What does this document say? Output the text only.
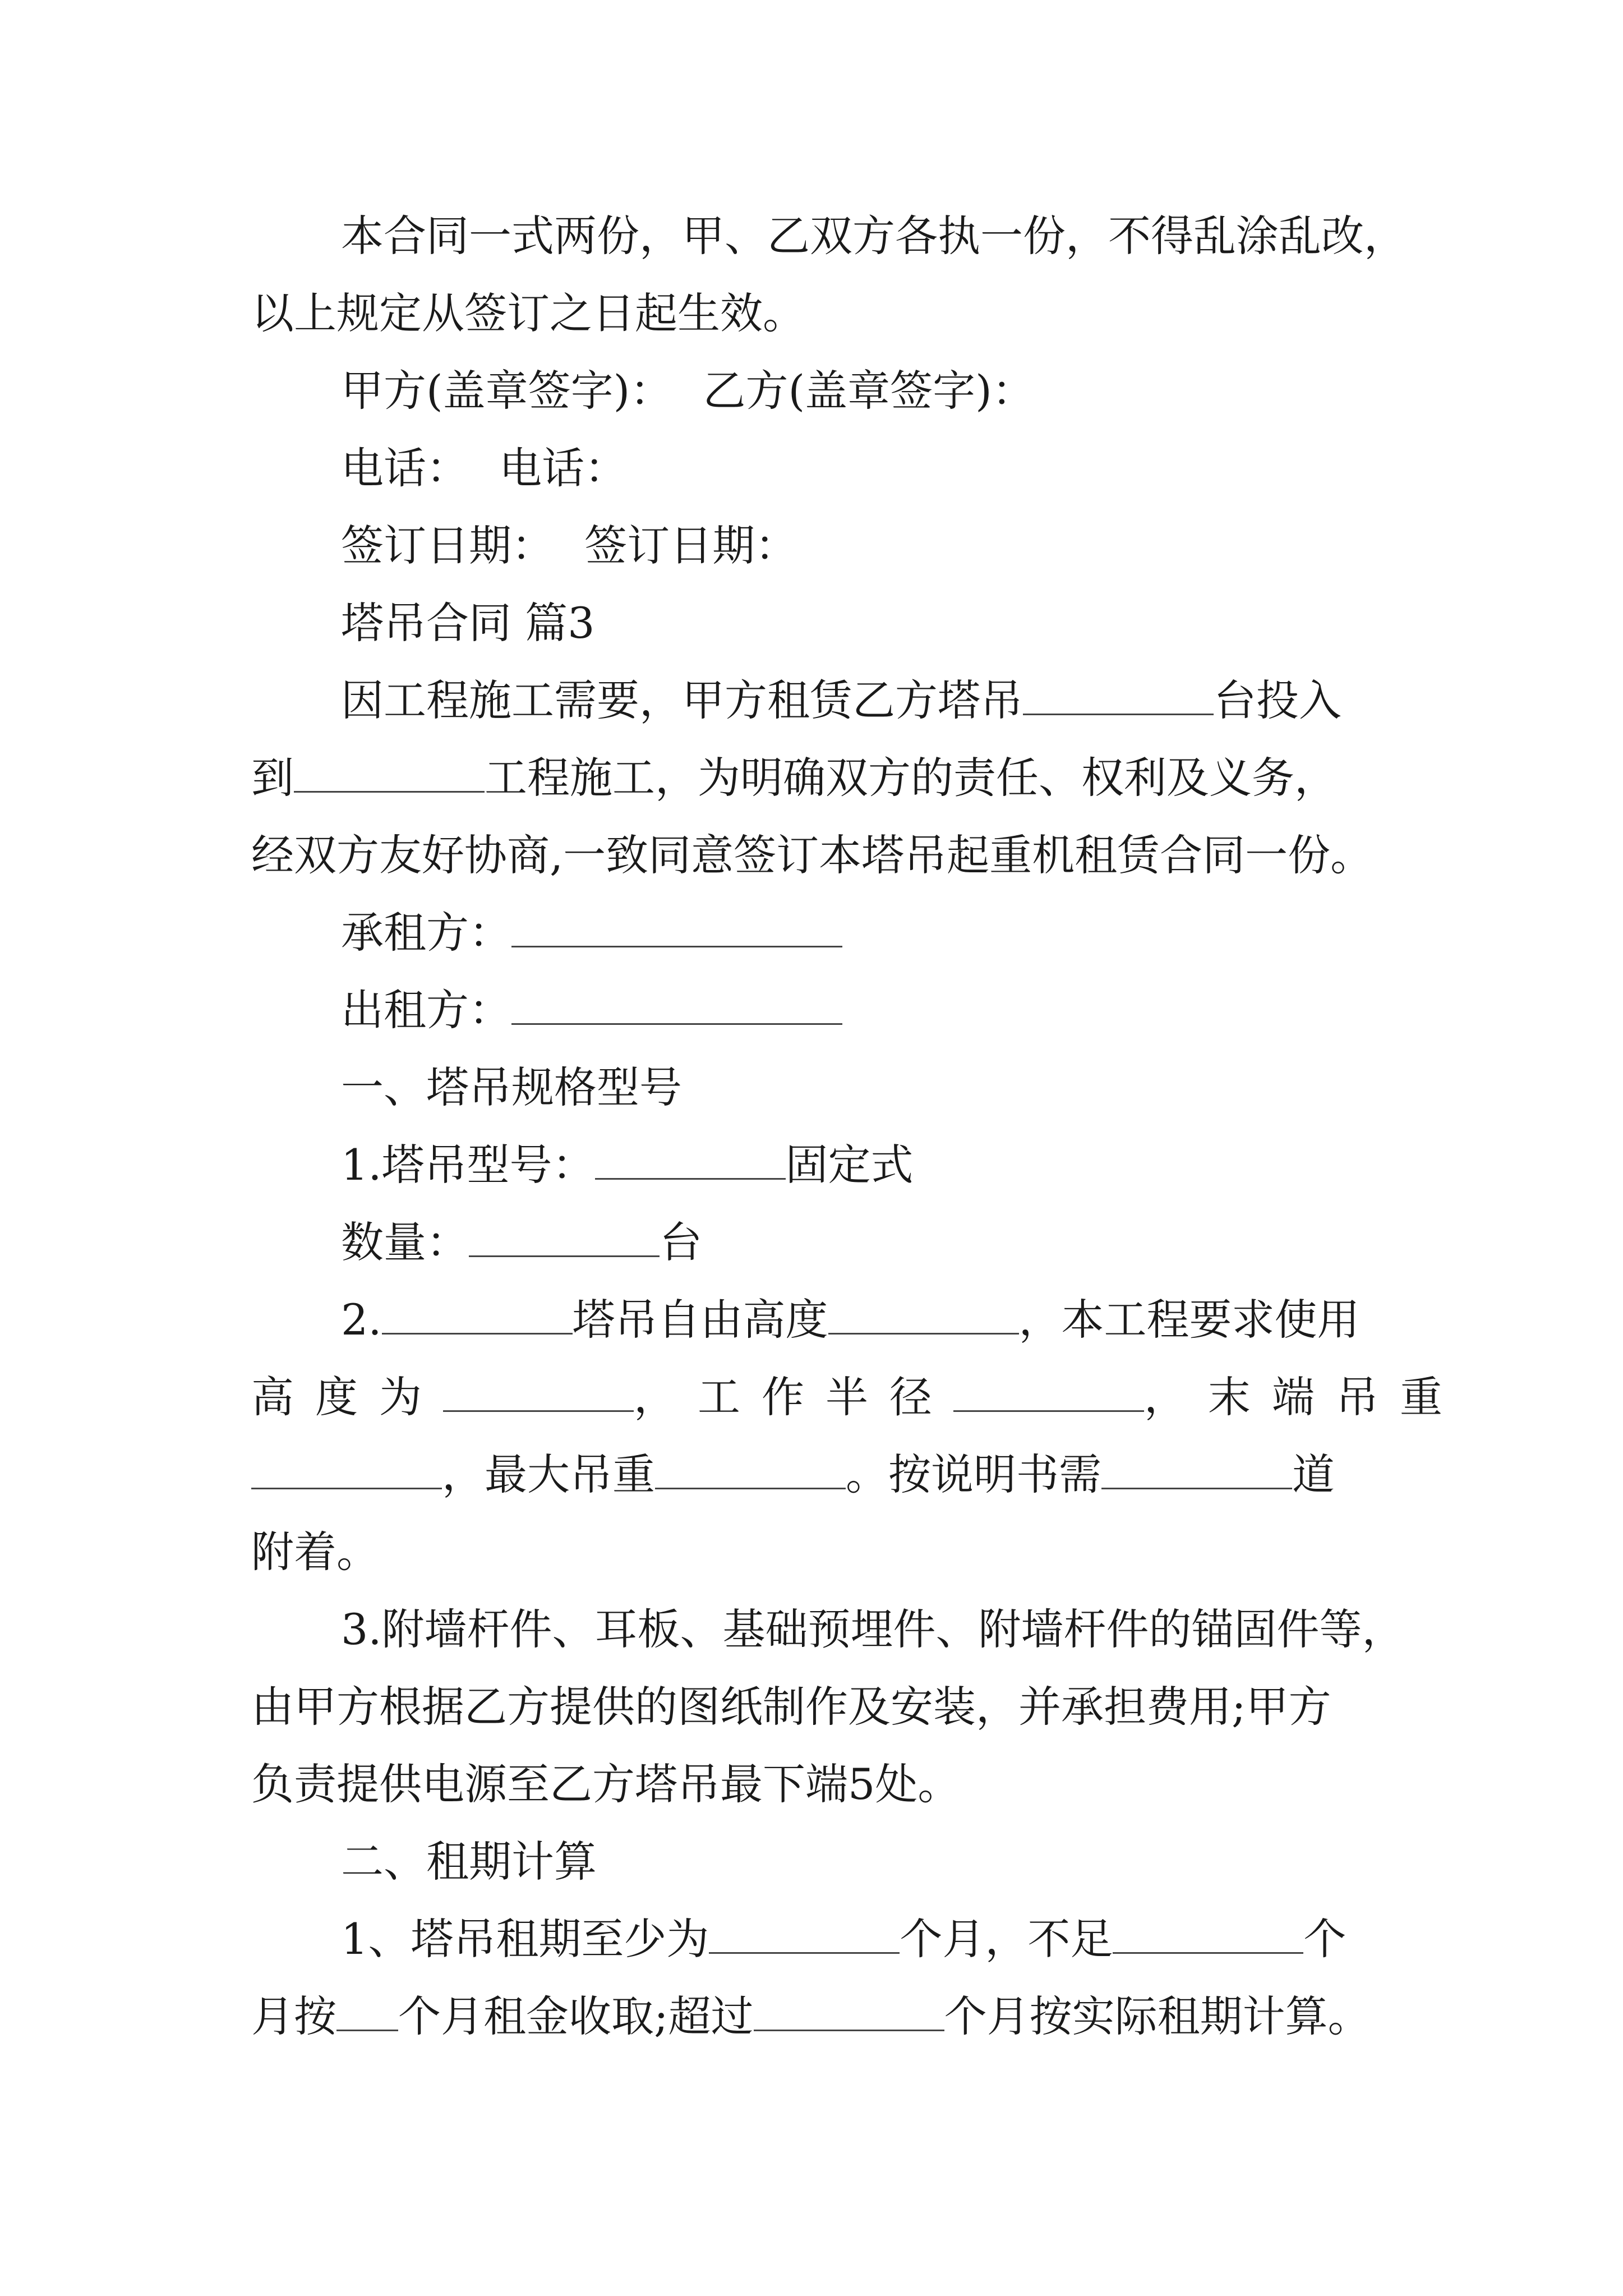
本合同一式两份，甲、乙双方各执一份，不得乱涂乱改，

以上规定从签订之日起生效。

甲方(盖章签字)： 乙方(盖章签字)：

电话： 电话：

签订日期： 签订日期：

塔吊合同 篇3

因工程施工需要，甲方租赁乙方塔吊	台投入

到	工程施工，为明确双方的责任、权利及义务，

经双方友好协商,一致同意签订本塔吊起重机租赁合同一份。

承租方：

出租方：

一、塔吊规格型号

1.塔吊型号：	固定式

数量：	台

2.	塔吊自由高度	，本工程要求使用

高度为	，工作半径	，末端吊重

，最大吊重	。按说明书需	道

附着。

3.附墙杆件、耳板、基础预埋件、附墙杆件的锚固件等，

由甲方根据乙方提供的图纸制作及安装，并承担费用;甲方

负责提供电源至乙方塔吊最下端5处。

二、租期计算

1、塔吊租期至少为	个月，不足	个

月按 个月租金收取;超过	个月按实际租期计算。
